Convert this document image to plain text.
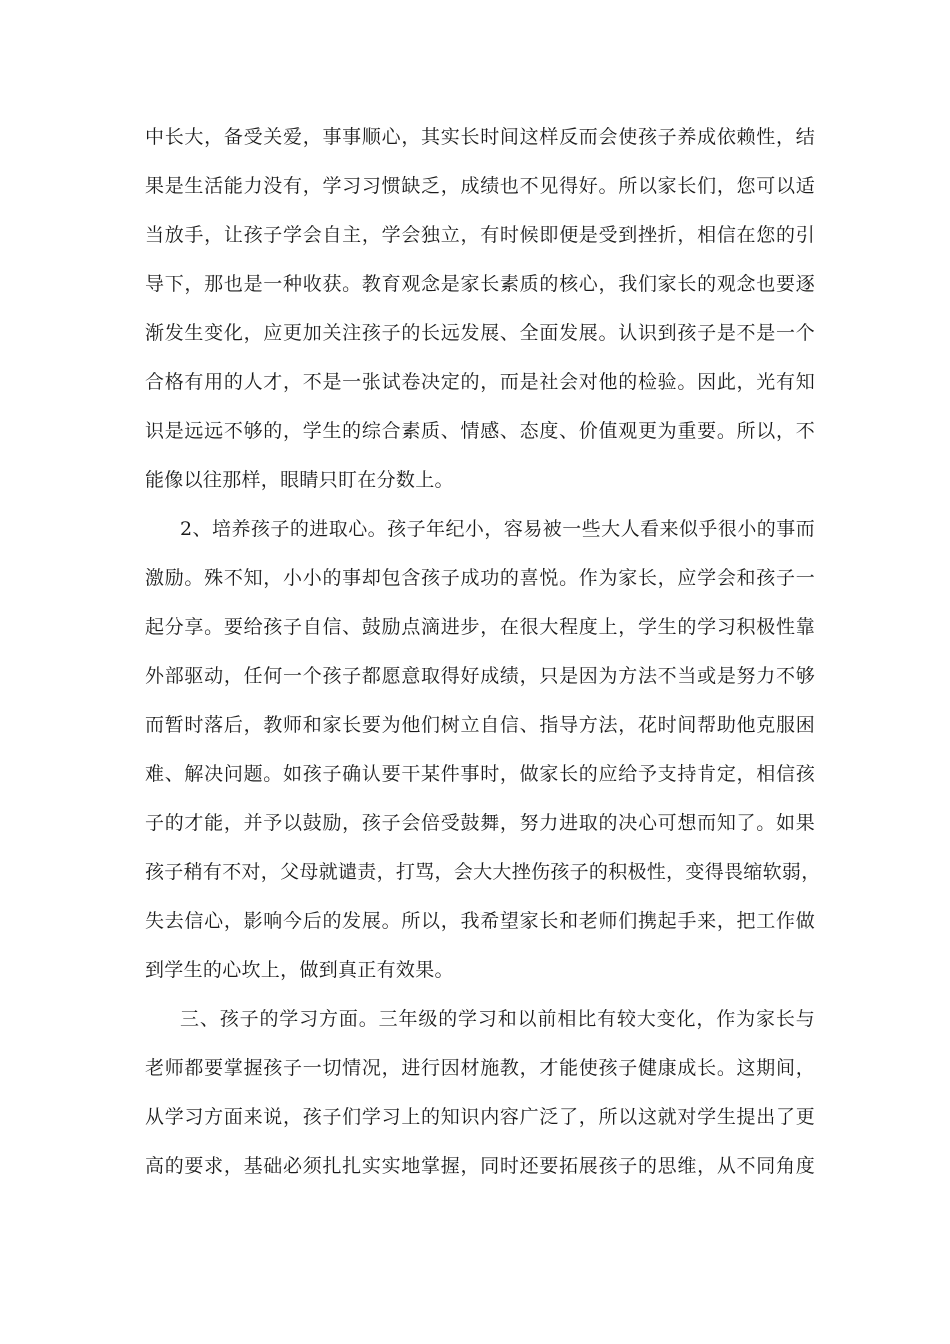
中长大，备受关爱，事事顺心，其实长时间这样反而会使孩子养成依赖性，结
果是生活能力没有，学习习惯缺乏，成绩也不见得好。所以家长们，您可以适
当放手，让孩子学会自主，学会独立，有时候即便是受到挫折，相信在您的引
导下，那也是一种收获。教育观念是家长素质的核心，我们家长的观念也要逐
渐发生变化，应更加关注孩子的长远发展、全面发展。认识到孩子是不是一个
合格有用的人才，不是一张试卷决定的，而是社会对他的检验。因此，光有知
识是远远不够的，学生的综合素质、情感、态度、价值观更为重要。所以，不
能像以往那样，眼睛只盯在分数上。
2、培养孩子的进取心。孩子年纪小，容易被一些大人看来似乎很小的事而
激励。殊不知，小小的事却包含孩子成功的喜悦。作为家长，应学会和孩子一
起分享。要给孩子自信、鼓励点滴进步，在很大程度上，学生的学习积极性靠
外部驱动，任何一个孩子都愿意取得好成绩，只是因为方法不当或是努力不够
而暂时落后，教师和家长要为他们树立自信、指导方法，花时间帮助他克服困
难、解决问题。如孩子确认要干某件事时，做家长的应给予支持肯定，相信孩
子的才能，并予以鼓励，孩子会倍受鼓舞，努力进取的决心可想而知了。如果
孩子稍有不对，父母就谴责，打骂，会大大挫伤孩子的积极性，变得畏缩软弱，
失去信心，影响今后的发展。所以，我希望家长和老师们携起手来，把工作做
到学生的心坎上，做到真正有效果。
三、孩子的学习方面。三年级的学习和以前相比有较大变化，作为家长与
老师都要掌握孩子一切情况，进行因材施教，才能使孩子健康成长。这期间，
从学习方面来说，孩子们学习上的知识内容广泛了，所以这就对学生提出了更
高的要求，基础必须扎扎实实地掌握，同时还要拓展孩子的思维，从不同角度
